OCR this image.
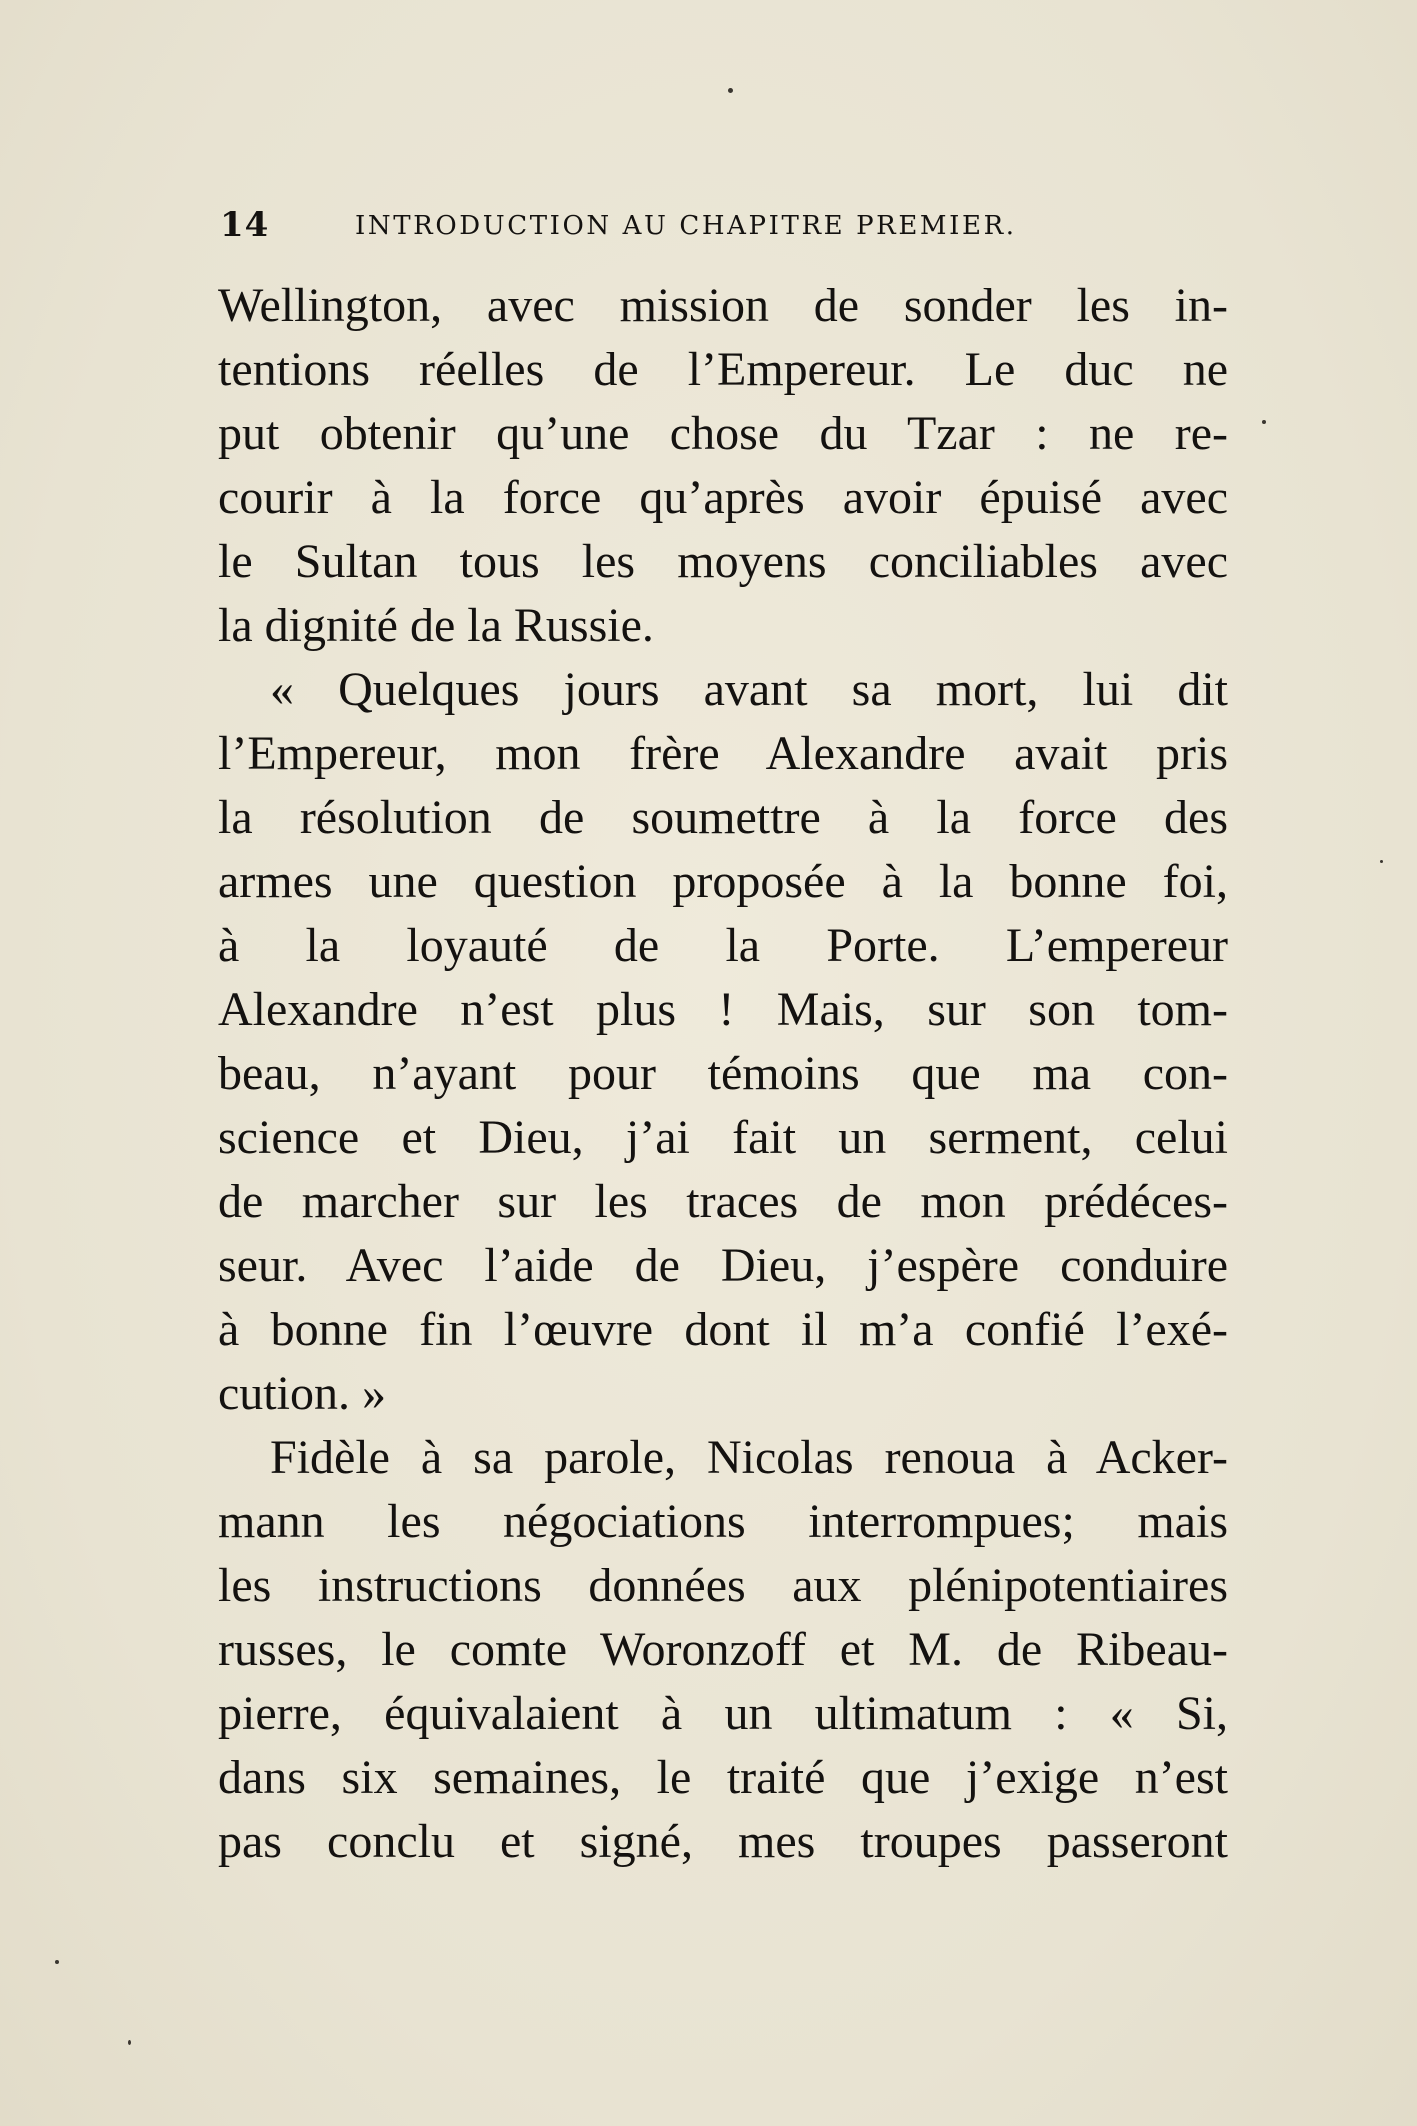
14	INTRODUCTION AU CHAPITRE PREMIER.
Wellington, avec mission de sonder les in-
tentions réelles de l’Empereur. Le duc ne
put obtenir qu’une chose du Tzar : ne re-
courir à la force qu’après avoir épuisé avec
le Sultan tous les moyens conciliables avec
la dignité de la Russie.
« Quelques jours avant sa mort, lui dit
l’Empereur, mon frère Alexandre avait pris
la résolution de soumettre à la force des
armes une question proposée à la bonne foi,
à la loyauté de la Porte. L’empereur
Alexandre n’est plus ! Mais, sur son tom-
beau, n’ayant pour témoins que ma con-
science et Dieu, j’ai fait un serment, celui
de marcher sur les traces de mon prédéces-
seur. Avec l’aide de Dieu, j’espère conduire
à bonne fin l’œuvre dont il m’a confié l’exé-
cution. »
Fidèle à sa parole, Nicolas renoua à Acker-
mann les négociations interrompues; mais
les instructions données aux plénipotentiaires
russes, le comte Woronzoff et M. de Ribeau-
pierre, équivalaient à un ultimatum : « Si,
dans six semaines, le traité que j’exige n’est
pas conclu et signé, mes troupes passeront
